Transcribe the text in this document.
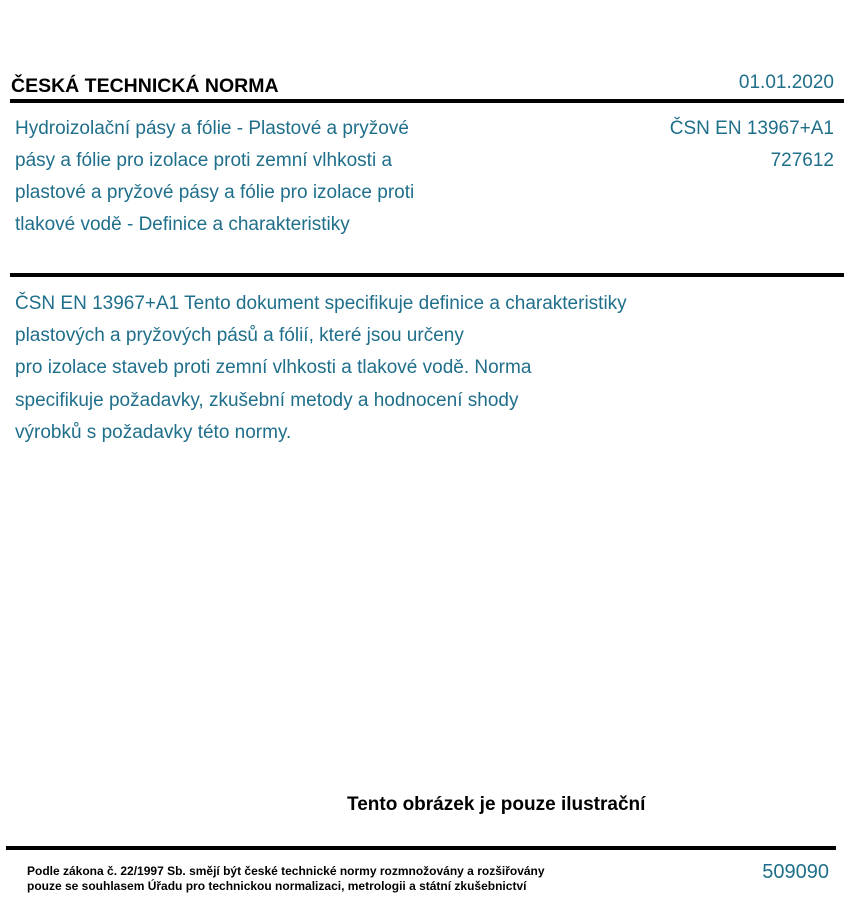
ČESKÁ TECHNICKÁ NORMA	01.01.2020
Hydroizolační pásy a fólie - Plastové a pryžové
pásy a fólie pro izolace proti zemní vlhkosti a
plastové a pryžové pásy a fólie pro izolace proti
tlakové vodě - Definice a charakteristiky
ČSN EN 13967+A1
727612
ČSN EN 13967+A1 Tento dokument specifikuje definice a charakteristiky
plastových a pryžových pásů a fólií, které jsou určeny
pro izolace staveb proti zemní vlhkosti a tlakové vodě. Norma
specifikuje požadavky, zkušební metody a hodnocení shody
výrobků s požadavky této normy.
Tento obrázek je pouze ilustrační
Podle zákona č. 22/1997 Sb. smějí být české technické normy rozmnožovány a rozšiřovány
pouze se souhlasem Úřadu pro technickou normalizaci, metrologii a státní zkušebnictví
509090
